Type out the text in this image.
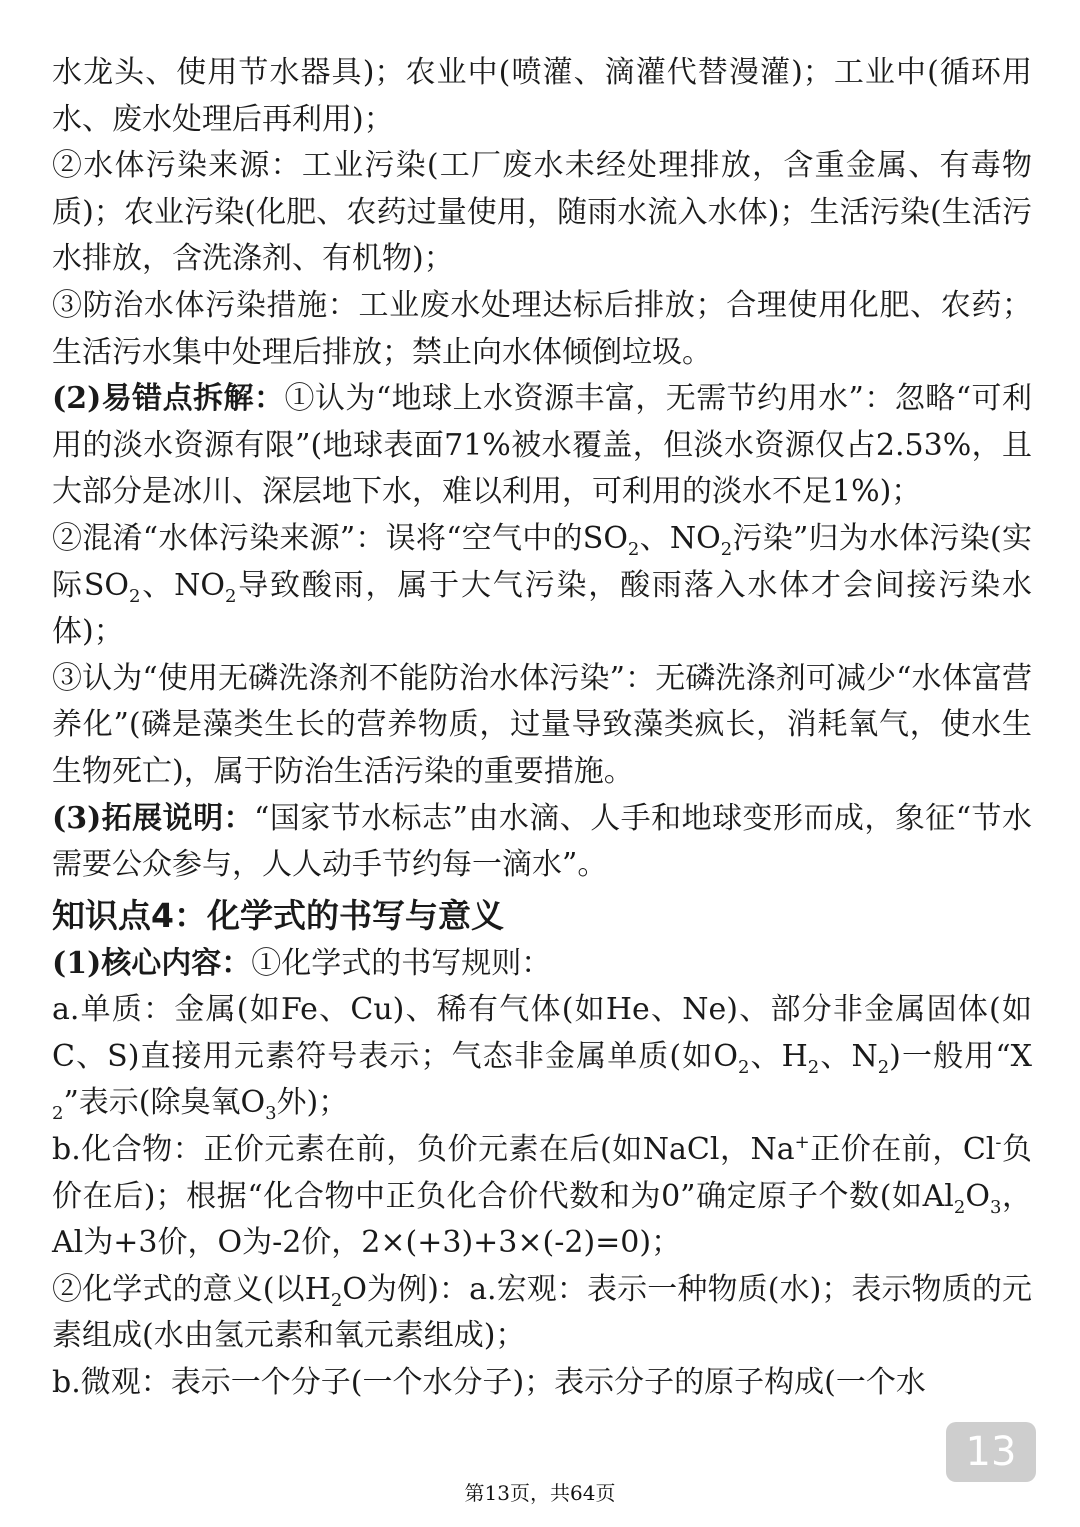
水龙头、使用节水器具)；农业中(喷灌、滴灌代替漫灌)；工业中(循环用水、废水处理后再利用)；

②水体污染来源：工业污染(工厂废水未经处理排放，含重金属、有毒物质)；农业污染(化肥、农药过量使用，随雨水流入水体)；生活污染(生活污水排放，含洗涤剂、有机物)；

③防治水体污染措施：工业废水处理达标后排放；合理使用化肥、农药；生活污水集中处理后排放；禁止向水体倾倒垃圾。

(2)易错点拆解：①认为“地球上水资源丰富，无需节约用水”：忽略“可利用的淡水资源有限”(地球表面71%被水覆盖，但淡水资源仅占2.53%，且大部分是冰川、深层地下水，难以利用，可利用的淡水不足1%)；

②混淆“水体污染来源”：误将“空气中的$SO_2$、$NO_2$污染”归为水体污染(实际$SO_2$、$NO_2$导致酸雨，属于大气污染，酸雨落入水体才会间接污染水体)；

③认为“使用无磷洗涤剂不能防治水体污染”：无磷洗涤剂可减少“水体富营养化”(磷是藻类生长的营养物质，过量导致藻类疯长，消耗氧气，使水生生物死亡)，属于防治生活污染的重要措施。

(3)拓展说明：“国家节水标志”由水滴、人手和地球变形而成，象征“节水需要公众参与，人人动手节约每一滴水”。

知识点4：化学式的书写与意义

(1)核心内容：①化学式的书写规则：

a.单质：金属(如Fe、Cu)、稀有气体(如He、Ne)、部分非金属固体(如C、S)直接用元素符号表示；气态非金属单质(如$O_2$、$H_2$、$N_2$)一般用“$X_2$”表示(除臭氧$O_3$外)；

b.化合物：正价元素在前，负价元素在后(如NaCl，Na+正价在前，Cl-负价在后)；根据“化合物中正负化合价代数和为0”确定原子个数(如$Al_2O_3$，Al为+3价，O为-2价，2×(+3)+3×(-2)=0)；

②化学式的意义(以$H_2O$为例)：a.宏观：表示一种物质(水)；表示物质的元素组成(水由氢元素和氧元素组成)；

b.微观：表示一个分子(一个水分子)；表示分子的原子构成(一个水

13
第13页，共64页
